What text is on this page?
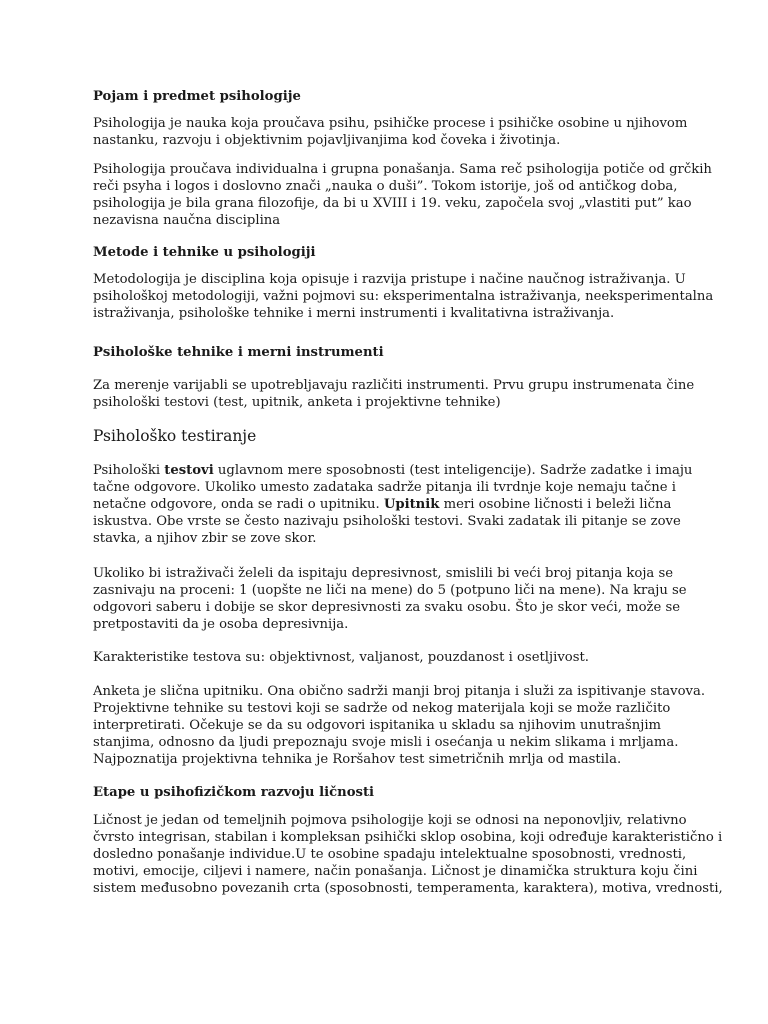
Pojam i predmet psihologije
Psihologija je nauka koja proučava psihu, psihičke procese i psihičke osobine u njihovom
nastanku, razvoju i objektivnim pojavljivanjima kod čoveka i životinja.
Psihologija proučava individualna i grupna ponašanja. Sama reč psihologija potiče od grčkih
reči psyha i logos i doslovno znači „nauka o duši”. Tokom istorije, još od antičkog doba,
psihologija je bila grana filozofije, da bi u XVIII i 19. veku, započela svoj „vlastiti put” kao
nezavisna naučna disciplina
Metode i tehnike u psihologiji
Metodologija je disciplina koja opisuje i razvija pristupe i načine naučnog istraživanja. U
psihološkoj metodologiji, važni pojmovi su: eksperimentalna istraživanja, neeksperimentalna
istraživanja, psihološke tehnike i merni instrumenti i kvalitativna istraživanja.
Psihološke tehnike i merni instrumenti
Za merenje varijabli se upotrebljavaju različiti instrumenti. Prvu grupu instrumenata čine
psihološki testovi (test, upitnik, anketa i projektivne tehnike)
Psihološko testiranje
Psihološki testovi uglavnom mere sposobnosti (test inteligencije). Sadrže zadatke i imaju
tačne odgovore. Ukoliko umesto zadataka sadrže pitanja ili tvrdnje koje nemaju tačne i
netačne odgovore, onda se radi o upitniku. Upitnik meri osobine ličnosti i beleži lična
iskustva. Obe vrste se često nazivaju psihološki testovi. Svaki zadatak ili pitanje se zove
stavka, a njihov zbir se zove skor.
Ukoliko bi istraživači želeli da ispitaju depresivnost, smislili bi veći broj pitanja koja se
zasnivaju na proceni: 1 (uopšte ne liči na mene) do 5 (potpuno liči na mene). Na kraju se
odgovori saberu i dobije se skor depresivnosti za svaku osobu. Što je skor veći, može se
pretpostaviti da je osoba depresivnija.
Karakteristike testova su: objektivnost, valjanost, pouzdanost i osetljivost.
Anketa je slična upitniku. Ona obično sadrži manji broj pitanja i služi za ispitivanje stavova.
Projektivne tehnike su testovi koji se sadrže od nekog materijala koji se može različito
interpretirati. Očekuje se da su odgovori ispitanika u skladu sa njihovim unutrašnjim
stanjima, odnosno da ljudi prepoznaju svoje misli i osećanja u nekim slikama i mrljama.
Najpoznatija projektivna tehnika je Roršahov test simetričnih mrlja od mastila.
Etape u psihofizičkom razvoju ličnosti
Ličnost je jedan od temeljnih pojmova psihologije koji se odnosi na neponovljiv, relativno
čvrsto integrisan, stabilan i kompleksan psihički sklop osobina, koji određuje karakteristično i
dosledno ponašanje individue.U te osobine spadaju intelektualne sposobnosti, vrednosti,
motivi, emocije, ciljevi i namere, način ponašanja. Ličnost je dinamička struktura koju čini
sistem međusobno povezanih crta (sposobnosti, temperamenta, karaktera), motiva, vrednosti,
